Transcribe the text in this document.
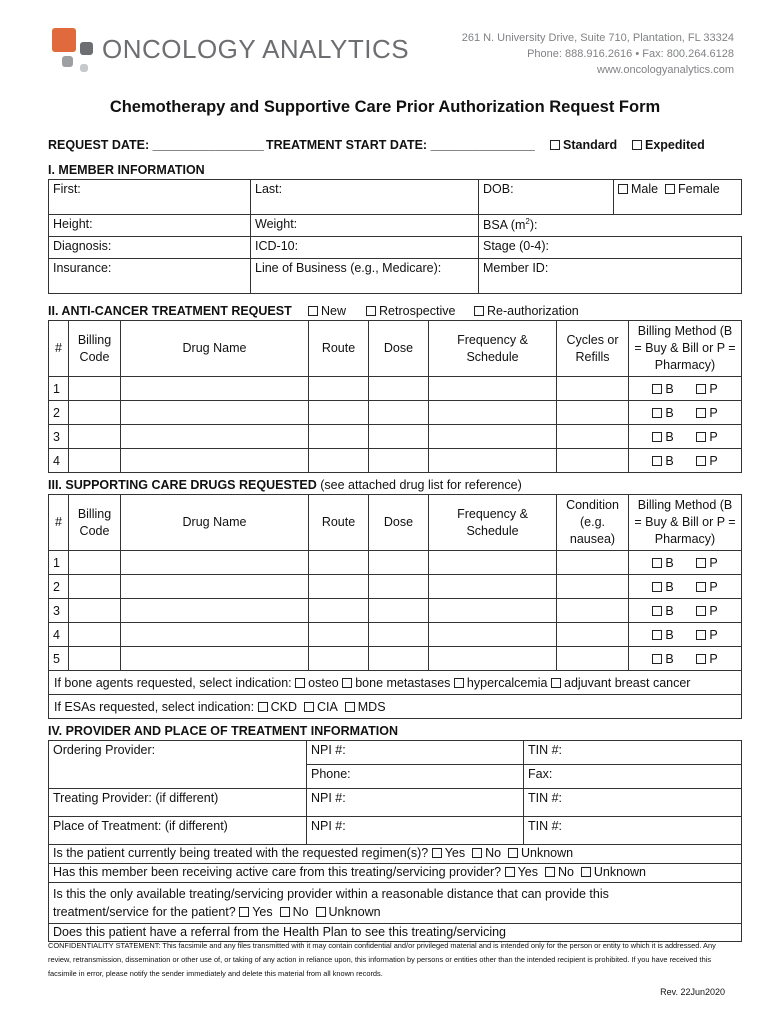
ONCOLOGY ANALYTICS	261 N. University Drive, Suite 710, Plantation, FL 33324
Phone: 888.916.2616 • Fax: 800.264.6128
www.oncologyanalytics.com
Chemotherapy and Supportive Care Prior Authorization Request Form
REQUEST DATE: ________________ TREATMENT START DATE: _______________	Standard	Expedited
I. MEMBER INFORMATION
First:	Last:	DOB:	Male Female
Height:	Weight:	BSA $(m^2)$:	
Diagnosis:	ICD-10:	Stage (0-4):	
Insurance:	Line of Business (e.g., Medicare):	Member ID:	
II. ANTI-CANCER TREATMENT REQUEST	New	Retrospective	Re-authorization
#	Billing Code	Drug Name	Route	Dose	Frequency & Schedule	Cycles or Refills	Billing Method (B = Buy & Bill or P = Pharmacy)
1							B P
2							B P
3							B P
4							B P
III. SUPPORTING CARE DRUGS REQUESTED (see attached drug list for reference)
#	Billing Code	Drug Name	Route	Dose	Frequency & Schedule	Condition (e.g. nausea)	Billing Method (B = Buy & Bill or P = Pharmacy)
1							B P
2							B P
3							B P
4							B P
5							B P
If bone agents requested, select indication: osteo bone metastases hypercalcemia adjuvant breast cancer							
If ESAs requested, select indication: CKD CIA MDS							
IV. PROVIDER AND PLACE OF TREATMENT INFORMATION
Ordering Provider:	NPI #:	TIN #:
	Phone:	Fax:
Treating Provider: (if different)	NPI #:	TIN #:
Place of Treatment: (if different)	NPI #:	TIN #:
Is the patient currently being treated with the requested regimen(s)? Yes No Unknown		
Has this member been receiving active care from this treating/servicing provider? Yes No Unknown		

Is this the only available treating/servicing provider within a reasonable distance that can provide this
treatment/service for the patient? Yes No Unknown		

Does this patient have a referral from the Health Plan to see this treating/servicing		
CONFIDENTIALITY STATEMENT: This facsimile and any files transmitted with it may contain confidential and/or privileged material and is intended only for the person or entity to which it is addressed. Any review, retransmission, dissemination or other use of, or taking of any action in reliance upon, this information by persons or entities other than the intended recipient is prohibited. If you have received this facsimile in error, please notify the sender immediately and delete this material from all known records.
Rev. 22Jun2020
